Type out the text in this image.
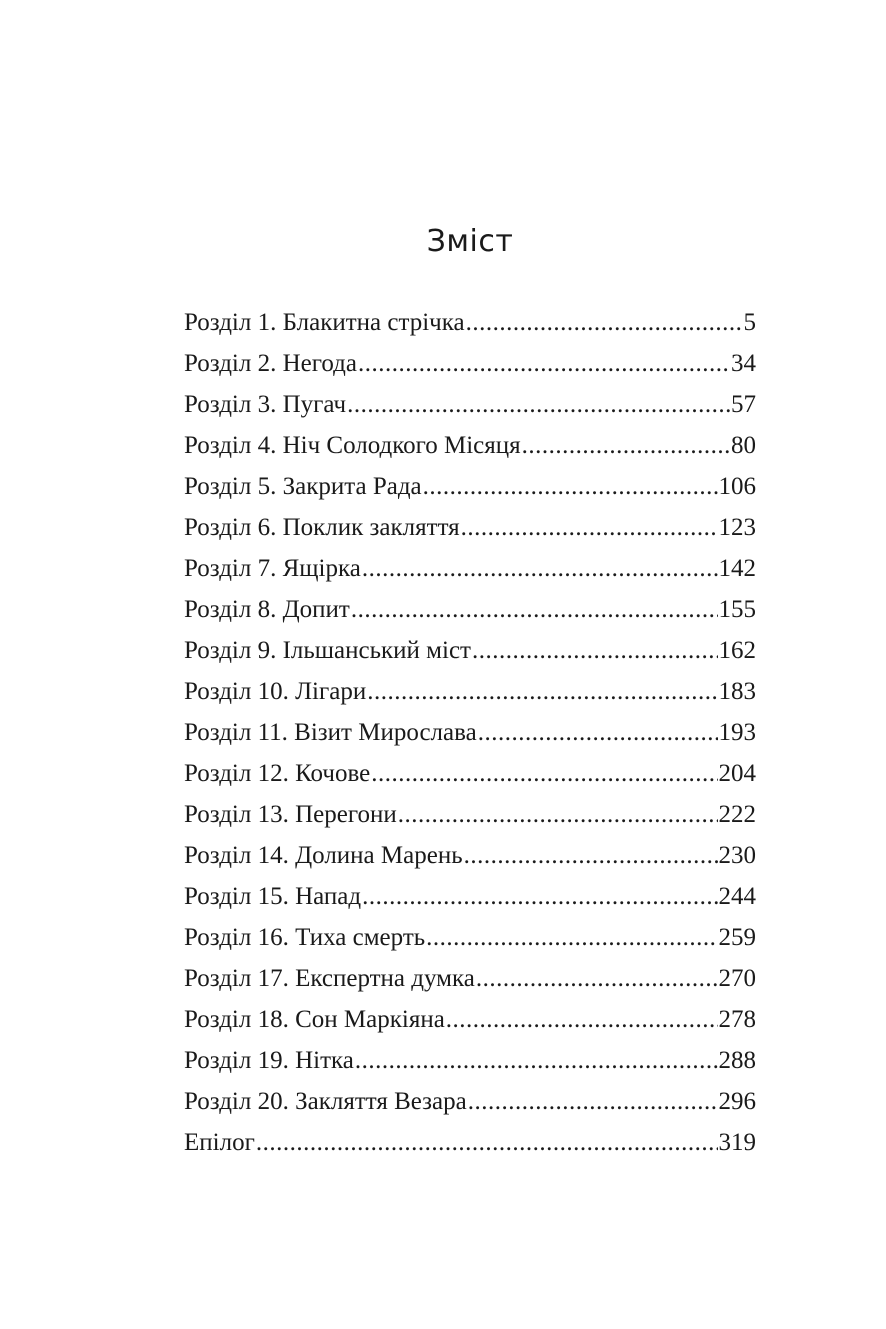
Зміст
Розділ 1. Блакитна стрічка .....	5
Розділ 2. Негода .....	34
Розділ 3. Пугач .....	57
Розділ 4. Ніч Солодкого Місяця .....	80
Розділ 5. Закрита Рада .....	106
Розділ 6. Поклик закляття .....	123
Розділ 7. Ящірка .....	142
Розділ 8. Допит .....	155
Розділ 9. Ільшанський міст .....	162
Розділ 10. Лігари .....	183
Розділ 11. Візит Мирослава .....	193
Розділ 12. Кочове .....	204
Розділ 13. Перегони .....	222
Розділ 14. Долина Марень .....	230
Розділ 15. Напад .....	244
Розділ 16. Тиха смерть .....	259
Розділ 17. Експертна думка .....	270
Розділ 18. Сон Маркіяна .....	278
Розділ 19. Нітка .....	288
Розділ 20. Закляття Везара .....	296
Епілог .....	319
